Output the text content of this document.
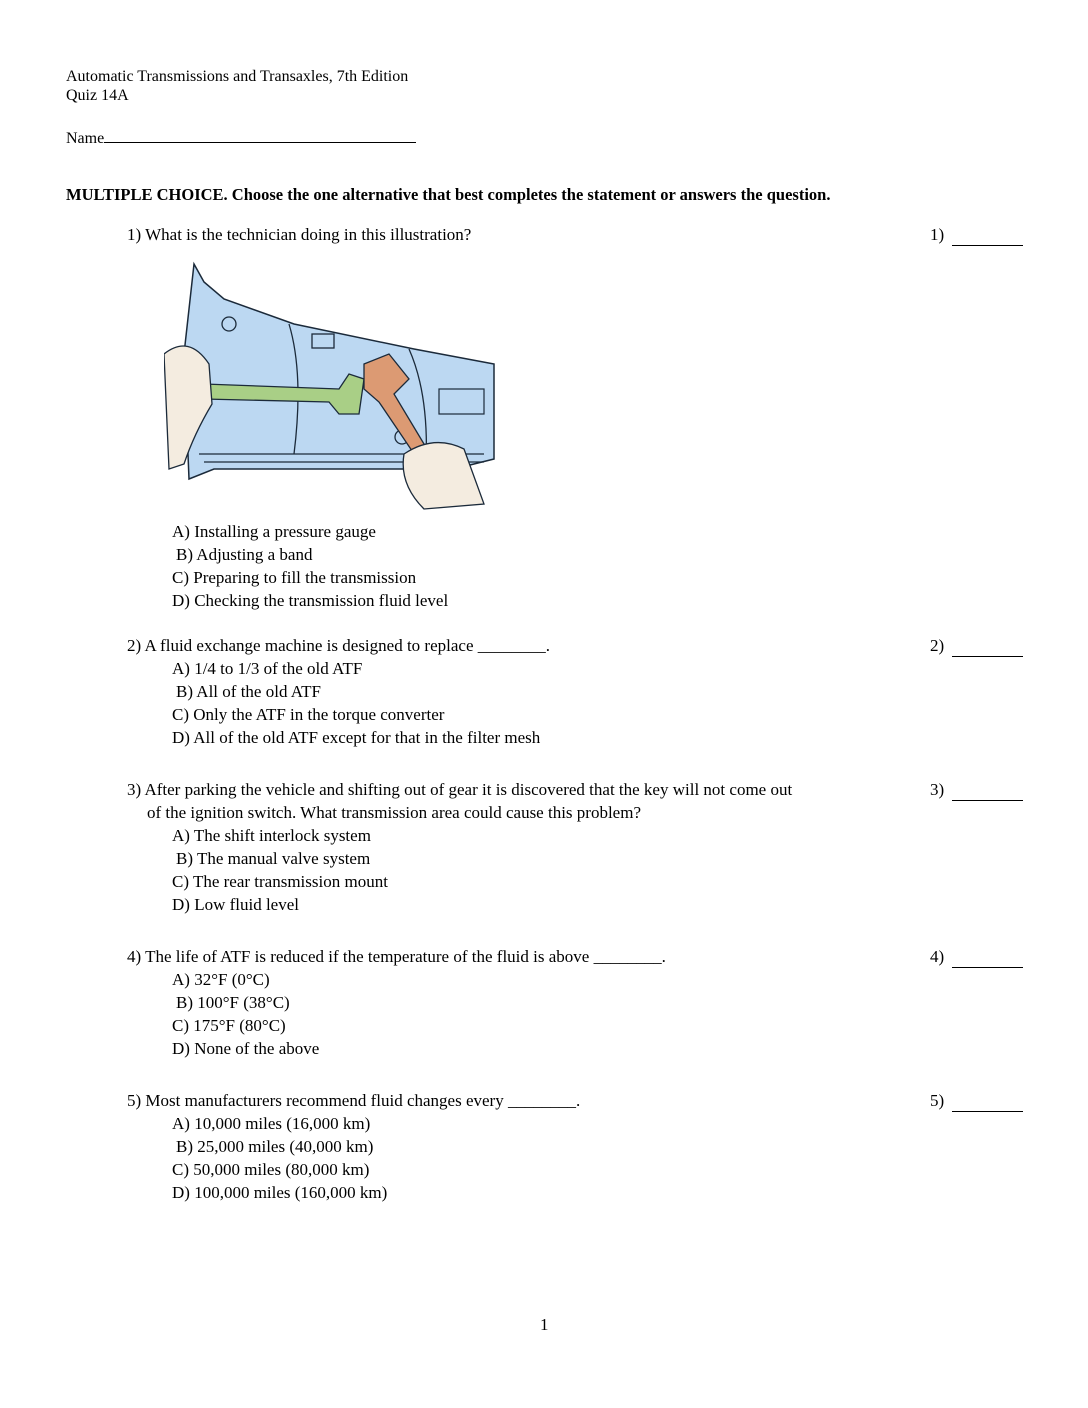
Automatic Transmissions and Transaxles, 7th Edition
Quiz 14A
Name
MULTIPLE CHOICE. Choose the one alternative that best completes the statement or answers the question.
1) What is the technician doing in this illustration?	1)
A) Installing a pressure gauge
B) Adjusting a band
C) Preparing to fill the transmission
D) Checking the transmission fluid level
2) A fluid exchange machine is designed to replace ________.	2)
A) 1/4 to 1/3 of the old ATF
B) All of the old ATF
C) Only the ATF in the torque converter
D) All of the old ATF except for that in the filter mesh
3) After parking the vehicle and shifting out of gear it is discovered that the key will not come out
of the ignition switch. What transmission area could cause this problem?
3)
A) The shift interlock system
B) The manual valve system
C) The rear transmission mount
D) Low fluid level
4) The life of ATF is reduced if the temperature of the fluid is above ________.	4)
A) 32°F (0°C)
B) 100°F (38°C)
C) 175°F (80°C)
D) None of the above
5) Most manufacturers recommend fluid changes every ________.	5)
A) 10,000 miles (16,000 km)
B) 25,000 miles (40,000 km)
C) 50,000 miles (80,000 km)
D) 100,000 miles (160,000 km)
1
